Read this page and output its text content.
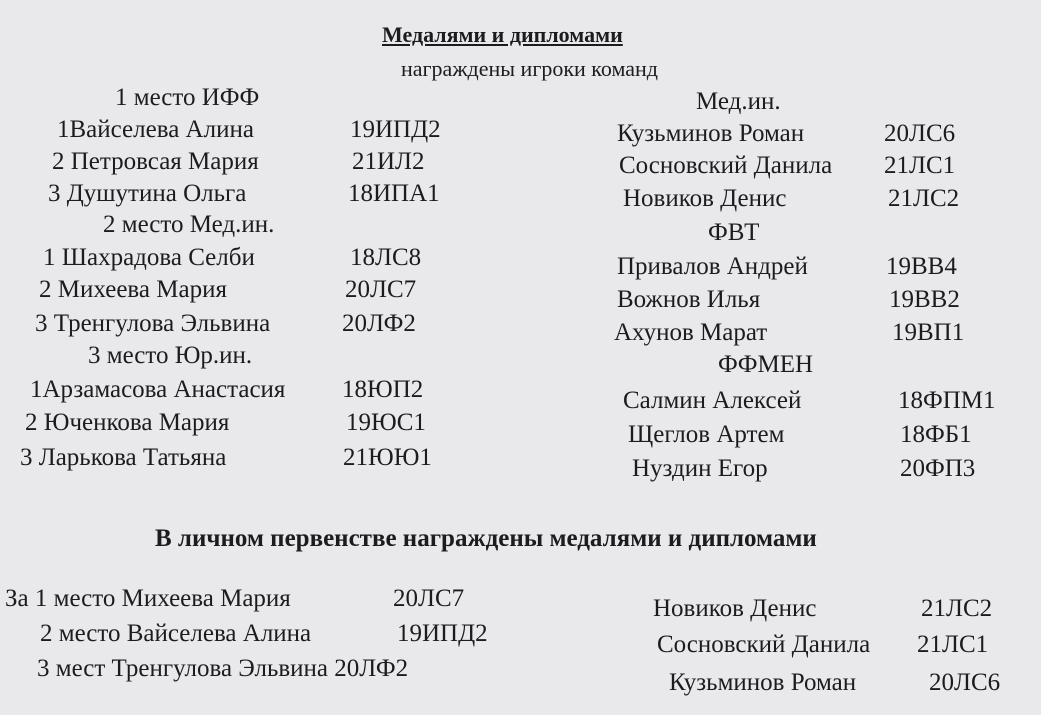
Медалями и дипломами
награждены игроки команд
1 место ИФФ
1Вайселева Алина	19ИПД2
2 Петровсая Мария	21ИЛ2
3 Душутина Ольга	18ИПА1
2 место Мед.ин.
1 Шахрадова Селби	18ЛС8
2 Михеева Мария	20ЛС7
3 Тренгулова Эльвина	20ЛФ2
3 место Юр.ин.
1Арзамасова Анастасия 18ЮП2
2 Юченкова Мария	19ЮС1
3 Ларькова Татьяна	21ЮЮ1
Мед.ин.
Кузьминов Роман	20ЛС6
Сосновский Данила 21ЛС1
Новиков Денис	21ЛС2
ФВТ
Привалов Андрей	19ВВ4
Вожнов Илья	19ВВ2
Ахунов Марат	19ВП1
ФФМЕН
Салмин Алексей	18ФПМ1
Щеглов Артем	18ФБ1
Нуздин Егор	20ФП3
В личном первенстве награждены медалями и дипломами
За 1 место Михеева Мария	20ЛС7
2 место Вайселева Алина	19ИПД2
3 мест Тренгулова Эльвина 20ЛФ2
Новиков Денис	21ЛС2
Сосновский Данила 21ЛС1
Кузьминов Роман	20ЛС6
